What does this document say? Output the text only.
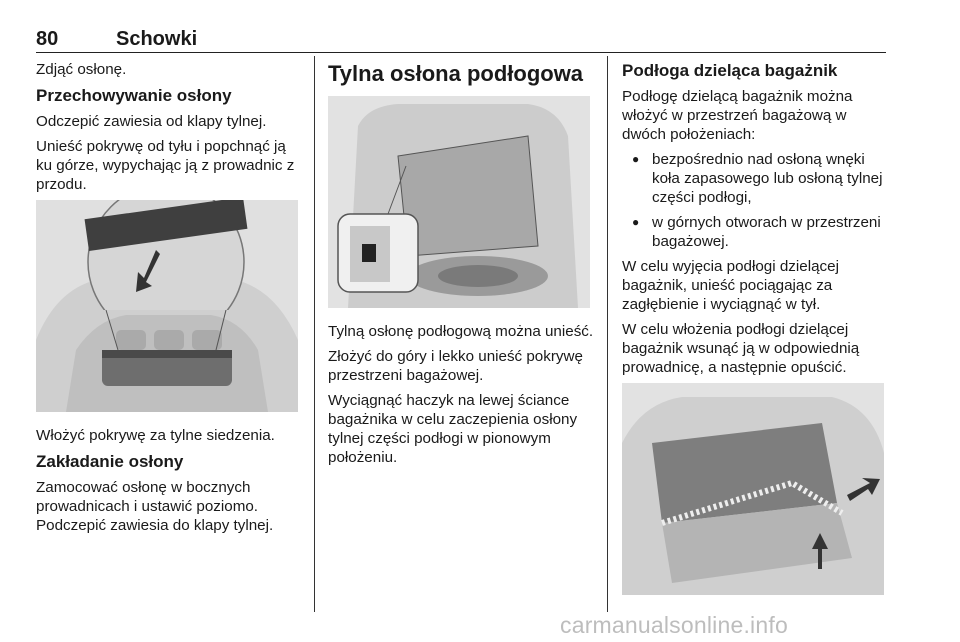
80	Schowki

Zdjąć osłonę.

Przechowywanie osłony

Odczepić zawiesia od klapy tylnej.

Unieść pokrywę od tyłu i popchnąć ją ku górze, wypychając ją z prowadnic z przodu.

Włożyć pokrywę za tylne siedzenia.

Zakładanie osłony

Zamocować osłonę w bocznych prowadnicach i ustawić poziomo. Podczepić zawiesia do klapy tylnej.

Tylna osłona podłogowa

Tylną osłonę podłogową można unieść.

Złożyć do góry i lekko unieść pokrywę przestrzeni bagażowej.

Wyciągnąć haczyk na lewej ściance bagażnika w celu zaczepienia osłony tylnej części podłogi w pionowym położeniu.

Podłoga dzieląca bagażnik

Podłogę dzielącą bagażnik można włożyć w przestrzeń bagażową w dwóch położeniach:

● bezpośrednio nad osłoną wnęki koła zapasowego lub osłoną tylnej części podłogi,
● w górnych otworach w przestrzeni bagażowej.

W celu wyjęcia podłogi dzielącej bagażnik, unieść pociągając za zagłębienie i wyciągnąć w tył.

W celu włożenia podłogi dzielącej bagażnik wsunąć ją w odpowiednią prowadnicę, a następnie opuścić.

carmanualsonline.info
